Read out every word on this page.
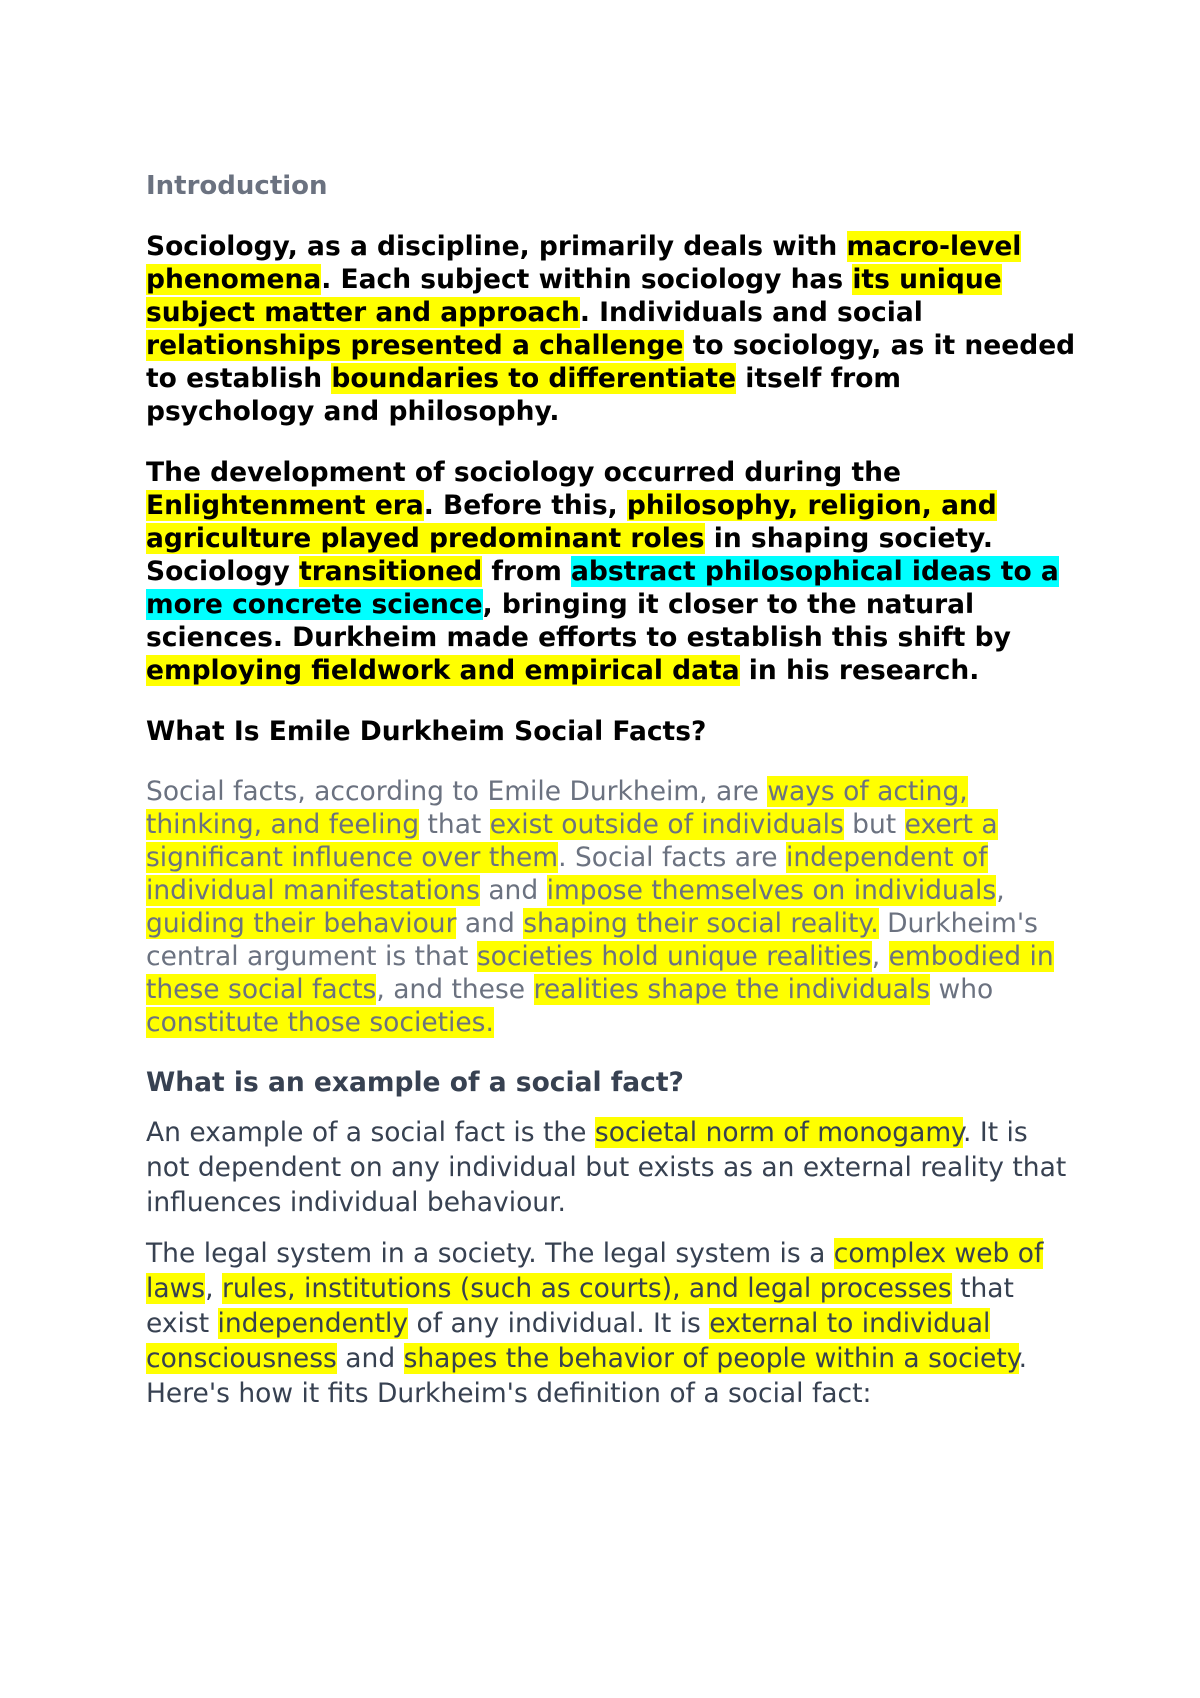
Introduction
Sociology, as a discipline, primarily deals with macro-level phenomena. Each subject within sociology has its unique subject matter and approach. Individuals and social relationships presented a challenge to sociology, as it needed to establish boundaries to differentiate itself from psychology and philosophy.
The development of sociology occurred during the Enlightenment era. Before this, philosophy, religion, and agriculture played predominant roles in shaping society. Sociology transitioned from abstract philosophical ideas to a more concrete science, bringing it closer to the natural sciences. Durkheim made efforts to establish this shift by employing fieldwork and empirical data in his research.
What Is Emile Durkheim Social Facts?
Social facts, according to Emile Durkheim, are ways of acting, thinking, and feeling that exist outside of individuals but exert a significant influence over them. Social facts are independent of individual manifestations and impose themselves on individuals, guiding their behaviour and shaping their social reality. Durkheim's central argument is that societies hold unique realities, embodied in these social facts, and these realities shape the individuals who constitute those societies.
What is an example of a social fact?
An example of a social fact is the societal norm of monogamy. It is not dependent on any individual but exists as an external reality that influences individual behaviour.
The legal system in a society. The legal system is a complex web of laws, rules, institutions (such as courts), and legal processes that exist independently of any individual. It is external to individual consciousness and shapes the behavior of people within a society. Here's how it fits Durkheim's definition of a social fact:
